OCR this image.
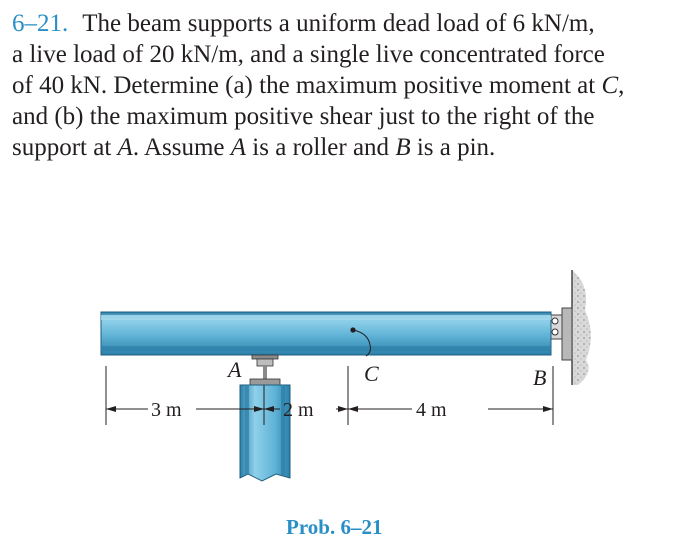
6–21. The beam supports a uniform dead load of 6 kN/m,
a live load of 20 kN/m, and a single live concentrated force
of 40 kN. Determine (a) the maximum positive moment at C,
and (b) the maximum positive shear just to the right of the
support at A. Assume A is a roller and B is a pin.

A	C	B
3 m	2 m	4 m
Prob. 6–21
